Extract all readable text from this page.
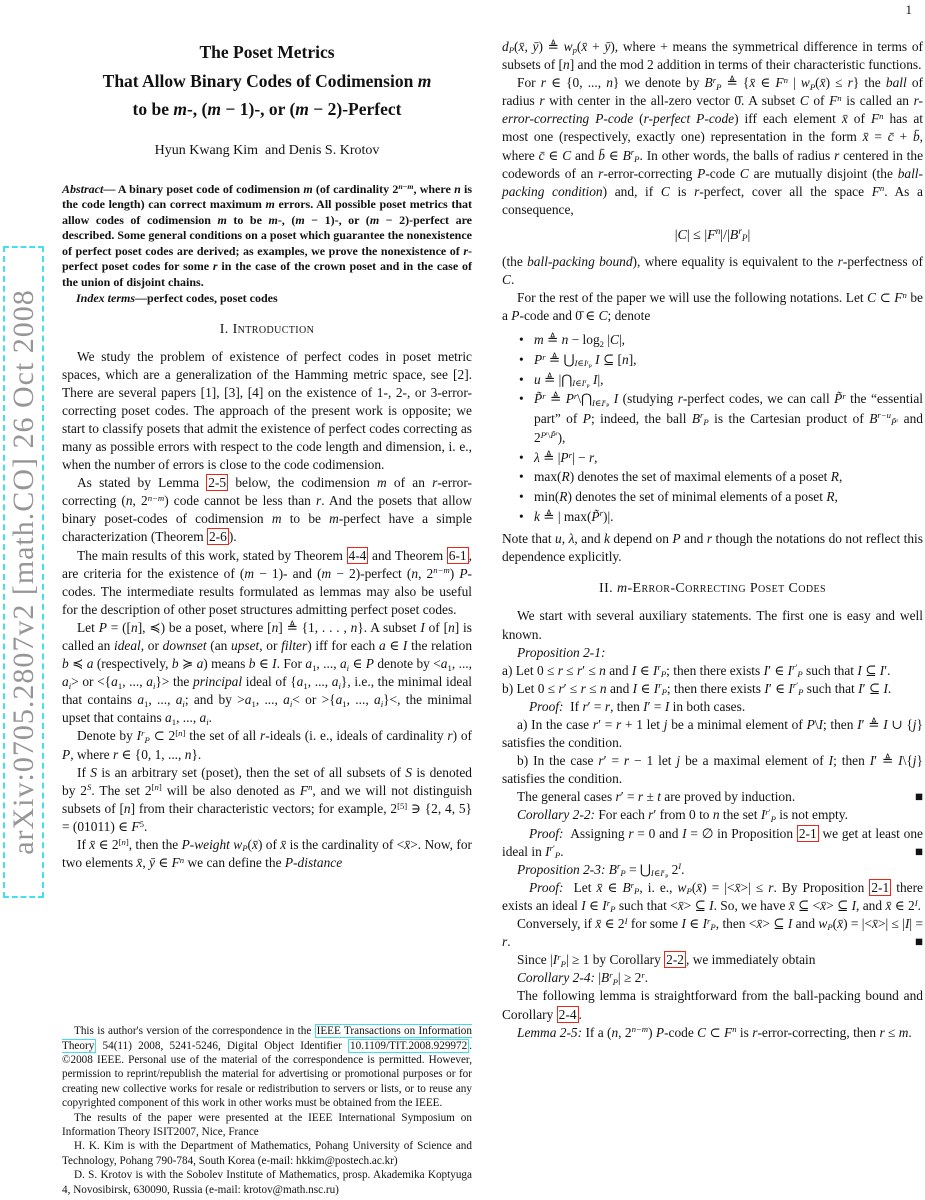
1
arXiv:0705.2807v2 [math.CO] 26 Oct 2008
The Poset Metrics
That Allow Binary Codes of Codimension m
to be m-, (m − 1)-, or (m − 2)-Perfect
Hyun Kwang Kim  and Denis S. Krotov

Abstract— A binary poset code of codimension m (of cardinality $2^{n-m}$, where n is the code length) can correct maximum m errors. All possible poset metrics that allow codes of codimension m to be m-, (m − 1)-, or (m − 2)-perfect are described. Some general conditions on a poset which guarantee the nonexistence of perfect poset codes are derived; as examples, we prove the nonexistence of r-perfect poset codes for some r in the case of the crown poset and in the case of the union of disjoint chains.

Index terms—perfect codes, poset codes

I. Introduction

We study the problem of existence of perfect codes in poset metric spaces, which are a generalization of the Hamming metric space, see [2]. There are several papers [1], [3], [4] on the existence of 1-, 2-, or 3-error-correcting poset codes. The approach of the present work is opposite; we start to classify posets that admit the existence of perfect codes correcting as many as possible errors with respect to the code length and dimension, i. e., when the number of errors is close to the code codimension.

As stated by Lemma 2-5 below, the codimension m of an r-error-correcting (n, $2^{n-m}$) code cannot be less than r. And the posets that allow binary poset-codes of codimension m to be m-perfect have a simple characterization (Theorem 2-6 ).

The main results of this work, stated by Theorem 4-4 and Theorem 6-1 , are criteria for the existence of (m − 1)- and (m − 2)-perfect (n, $2^{n-m}$) P-codes. The intermediate results formulated as lemmas may also be useful for the description of other poset structures admitting perfect poset codes.

Let P = ([n], ≼) be a poset, where [n] ≜ {1, . . . , n}. A subset I of [n] is called an ideal, or downset (an upset, or filter) iff for each a ∈ I the relation b ≼ a (respectively, b ≽ a) means b ∈ I. For $a_1$, ..., $a_i$ ∈ P denote by $<a_1$, ..., $a_i>$ or $<\{a_1$, ..., $a_i\}>$ the principal ideal of {$a_1$, ..., $a_i$}, i.e., the minimal ideal that contains $a_1$, ..., $a_i$; and by $>a_1$, ..., $a_i<$ or $>\{a_1$, ..., $a_i\}<$, the minimal upset that contains $a_1$, ..., $a_i$.

Denote by $I^r_P$ ⊂ 2[n] the set of all r-ideals (i. e., ideals of cardinality r) of P, where r ∈ {0, 1, ..., n}.

If S is an arbitrary set (poset), then the set of all subsets of S is denoted by $2^S$. The set 2[n] will be also denoted as $F^n$, and we will not distinguish subsets of [n] from their characteristic vectors; for example, 2[5] ∋ {2, 4, 5} = (01011) ∈ $F^5$.

If x̄ ∈ 2[n], then the P-weight $w_P(x̄)$ of x̄ is the cardinality of <x̄>. Now, for two elements x̄, ȳ ∈ $F^n$ we can define the P-distance

This is author's version of the correspondence in the IEEE Transactions on Information Theory 54(11) 2008, 5241-5246, Digital Object Identifier 10.1109/TIT.2008.929972 . ©2008 IEEE. Personal use of the material of the correspondence is permitted. However, permission to reprint/republish the material for advertising or promotional purposes or for creating new collective works for resale or redistribution to servers or lists, or to reuse any copyrighted component of this work in other works must be obtained from the IEEE.

The results of the paper were presented at the IEEE International Symposium on Information Theory ISIT2007, Nice, France

H. K. Kim is with the Department of Mathematics, Pohang University of Science and Technology, Pohang 790-784, South Korea (e-mail: hkkim@postech.ac.kr)

D. S. Krotov is with the Sobolev Institute of Mathematics, prosp. Akademika Koptyuga 4, Novosibirsk, 630090, Russia (e-mail: krotov@math.nsc.ru)

$d_P(x̄$, ȳ) ≜ $w_p(x̄$ + ȳ), where + means the symmetrical difference in terms of subsets of [n] and the mod 2 addition in terms of their characteristic functions.

For r ∈ {0, ..., n} we denote by $B^r_P$ ≜ {x̄ ∈ $F^n$ | $w_P(x̄) \le r$} the ball of radius r with center in the all-zero vector 0̄. A subset C of $F^n$ is called an r-error-correcting P-code (r-perfect P-code) iff each element x̄ of $F^n$ has at most one (respectively, exactly one) representation in the form x̄ = c̄ + b̄, where c̄ ∈ C and b̄ ∈ $B^r_P$. In other words, the balls of radius r centered in the codewords of an r-error-correcting P-code C are mutually disjoint (the ball-packing condition) and, if C is r-perfect, cover all the space $F^n$. As a consequence,

$|C| \le |F^n|/|B^r_P|$

(the ball-packing bound), where equality is equivalent to the r-perfectness of C.

For the rest of the paper we will use the following notations. Let C ⊂ $F^n$ be a P-code and 0̄ ∈ C; denote

• m ≜ $n - \log_2 |C|$,
• $P^r$ ≜ $⋃_{I\in I^r_P}$ I ⊆ [n],
• u ≜ $|⋂_{I\in I^r_P}$ I|,
• P̃$^r$ ≜ $P^r\backslash⋂_{I\in I^r_P}$ I (studying r-perfect codes, we can call P̃$^r$ the “essential part” of P; indeed, the ball $B^r_P$ is the Cartesian product of $B^{r-u}_{P̃^r}$ and $2^{P^r\backslash P̃^r}$),
• λ ≜ $|P^r| - r$,
• max(R) denotes the set of maximal elements of a poset R,
• min(R) denotes the set of minimal elements of a poset R,
• k ≜ | max(P̃$^r$)|.

Note that u, λ, and k depend on P and r though the notations do not reflect this dependence explicitly.

II. m-Error-Correcting Poset Codes

We start with several auxiliary statements. The first one is easy and well known.

Proposition 2-1:

a) Let 0 ≤ r ≤ r′ ≤ n and I ∈ $I^r_P$; then there exists I′ ∈ $I^{r'}_P$ such that I ⊆ I′.

b) Let 0 ≤ r′ ≤ r ≤ n and I ∈ $I^r_P$; then there exists I′ ∈ $I^{r'}_P$ such that I′ ⊆ I.

Proof:  If r′ = r, then I′ = I in both cases.

a) In the case r′ = r + 1 let j be a minimal element of P\I; then I′ ≜ I ∪ {j} satisfies the condition.

b) In the case r′ = r − 1 let j be a maximal element of I; then I′ ≜ I\{j} satisfies the condition.

The general cases r′ = r ± t are proved by induction.	■

Corollary 2-2: For each r′ from 0 to n the set $I^{r'}_P$ is not empty.

Proof:  Assigning r = 0 and I = ∅ in Proposition 2-1 we get at least one ideal in $I^{r'}_P$.	■

Proposition 2-3: $B^r_P$ = $⋃_{I\in I^r_P}$ $2^I$.

Proof:  Let x̄ ∈ $B^r_P$, i. e., $w_P(x̄)$ = |<x̄>| ≤ r. By Proposition 2-1 there exists an ideal I ∈ $I^r_P$ such that <x̄> ⊆ I. So, we have x̄ ⊆ <x̄> ⊆ I, and x̄ ∈ $2^I$.

Conversely, if x̄ ∈ $2^I$ for some I ∈ $I^r_P$, then <x̄> ⊆ I and $w_P(x̄)$ = |<x̄>| ≤ |I| = r.	■

Since $|I^r_P| \ge 1$ by Corollary 2-2 , we immediately obtain

Corollary 2-4: $|B^r_P| \ge 2^r$.

The following lemma is straightforward from the ball-packing bound and Corollary 2-4 .

Lemma 2-5: If a (n, $2^{n-m}$) P-code C ⊂ $F^n$ is r-error-correcting, then r ≤ m.
